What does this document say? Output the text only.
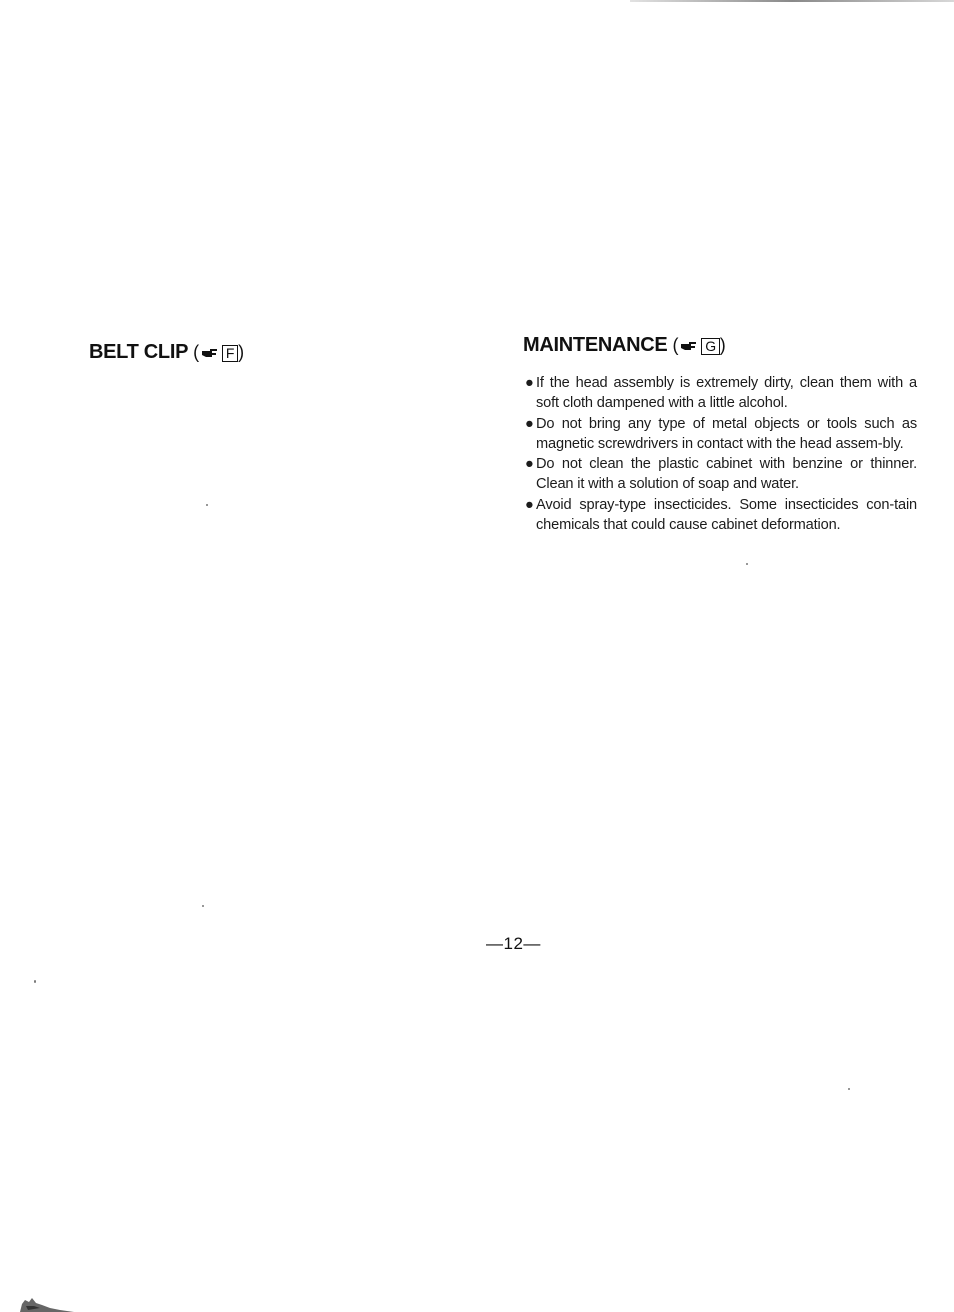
BELT CLIP ( F )	MAINTENANCE ( G )
● If the head assembly is extremely dirty, clean them with a soft cloth dampened with a little alcohol.
● Do not bring any type of metal objects or tools such as magnetic screwdrivers in contact with the head assem-bly.
● Do not clean the plastic cabinet with benzine or thinner. Clean it with a solution of soap and water.
● Avoid spray-type insecticides. Some insecticides con-tain chemicals that could cause cabinet deformation.
—12—
